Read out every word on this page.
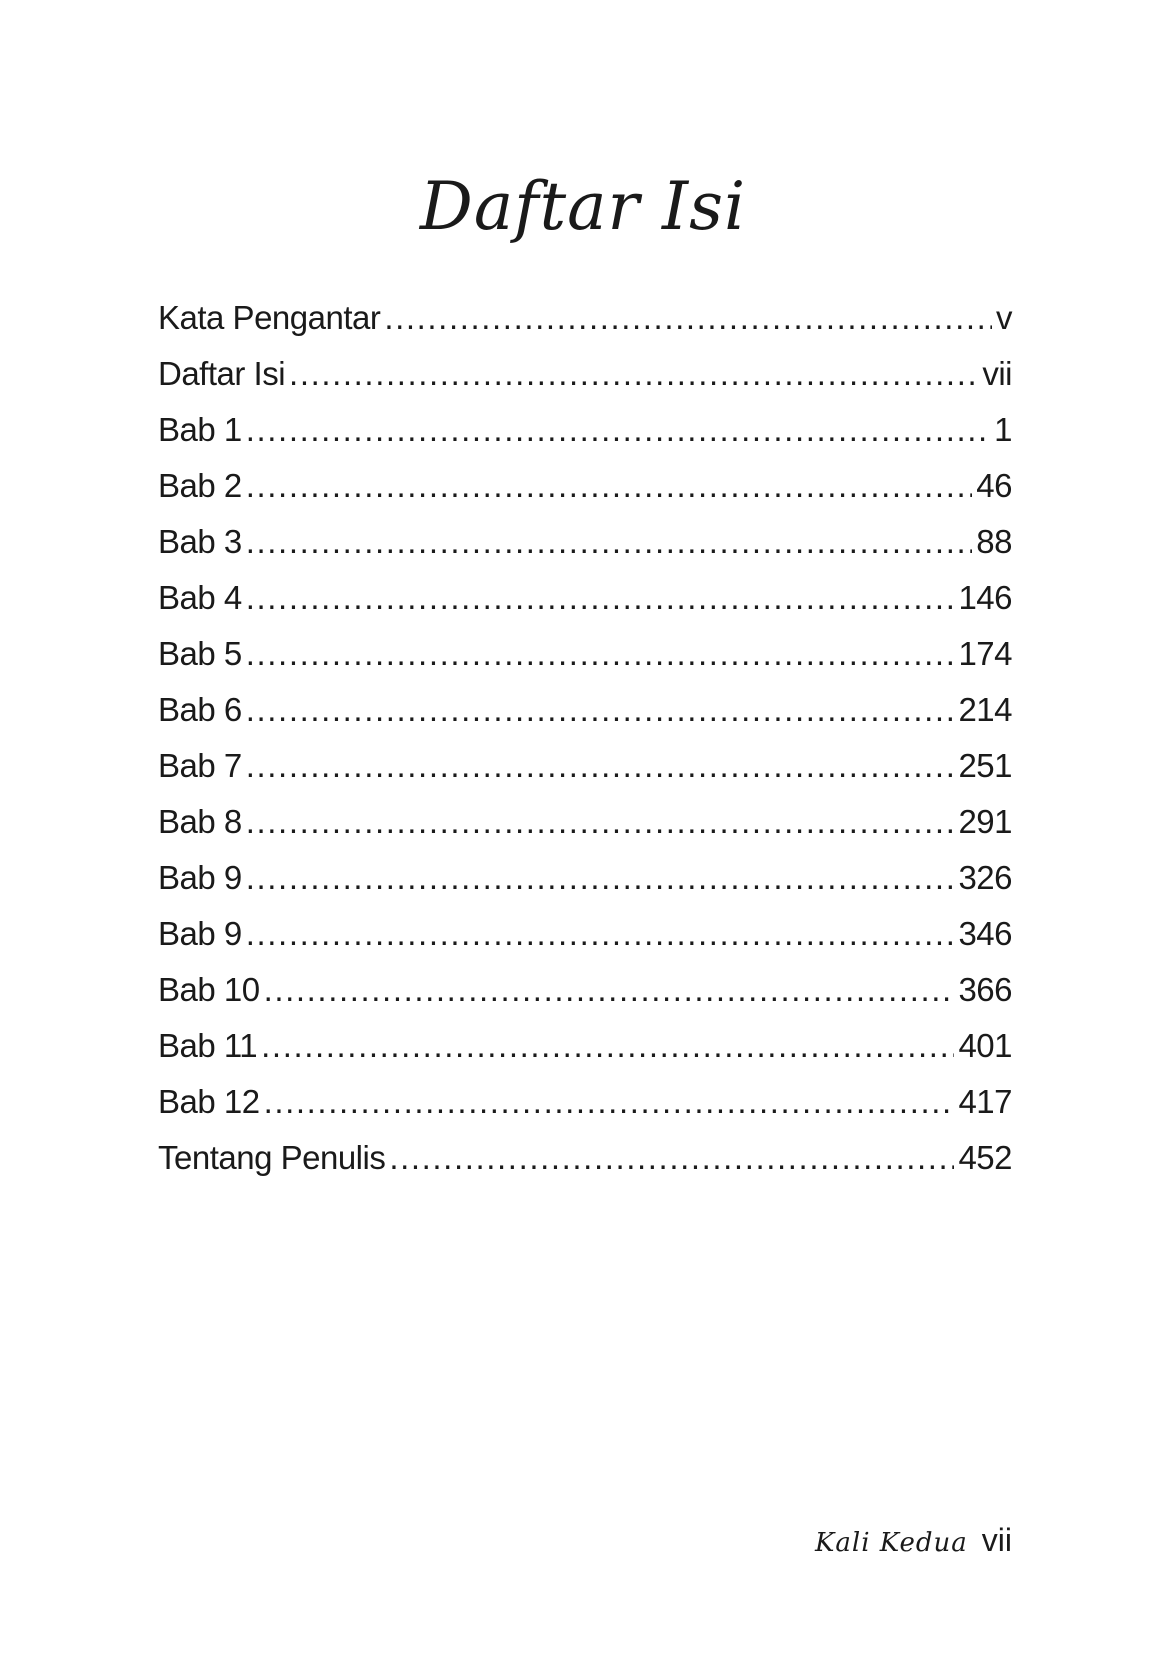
Daftar Isi
Kata Pengantar .....	v
Daftar Isi .....	vii
Bab 1 .....	1
Bab 2 .....	46
Bab 3 .....	88
Bab 4 .....	146
Bab 5 .....	174
Bab 6 .....	214
Bab 7 .....	251
Bab 8 .....	291
Bab 9 .....	326
Bab 9 .....	346
Bab 10 .....	366
Bab 11 .....	401
Bab 12 .....	417
Tentang Penulis .....	452
Kali Kedua vii
